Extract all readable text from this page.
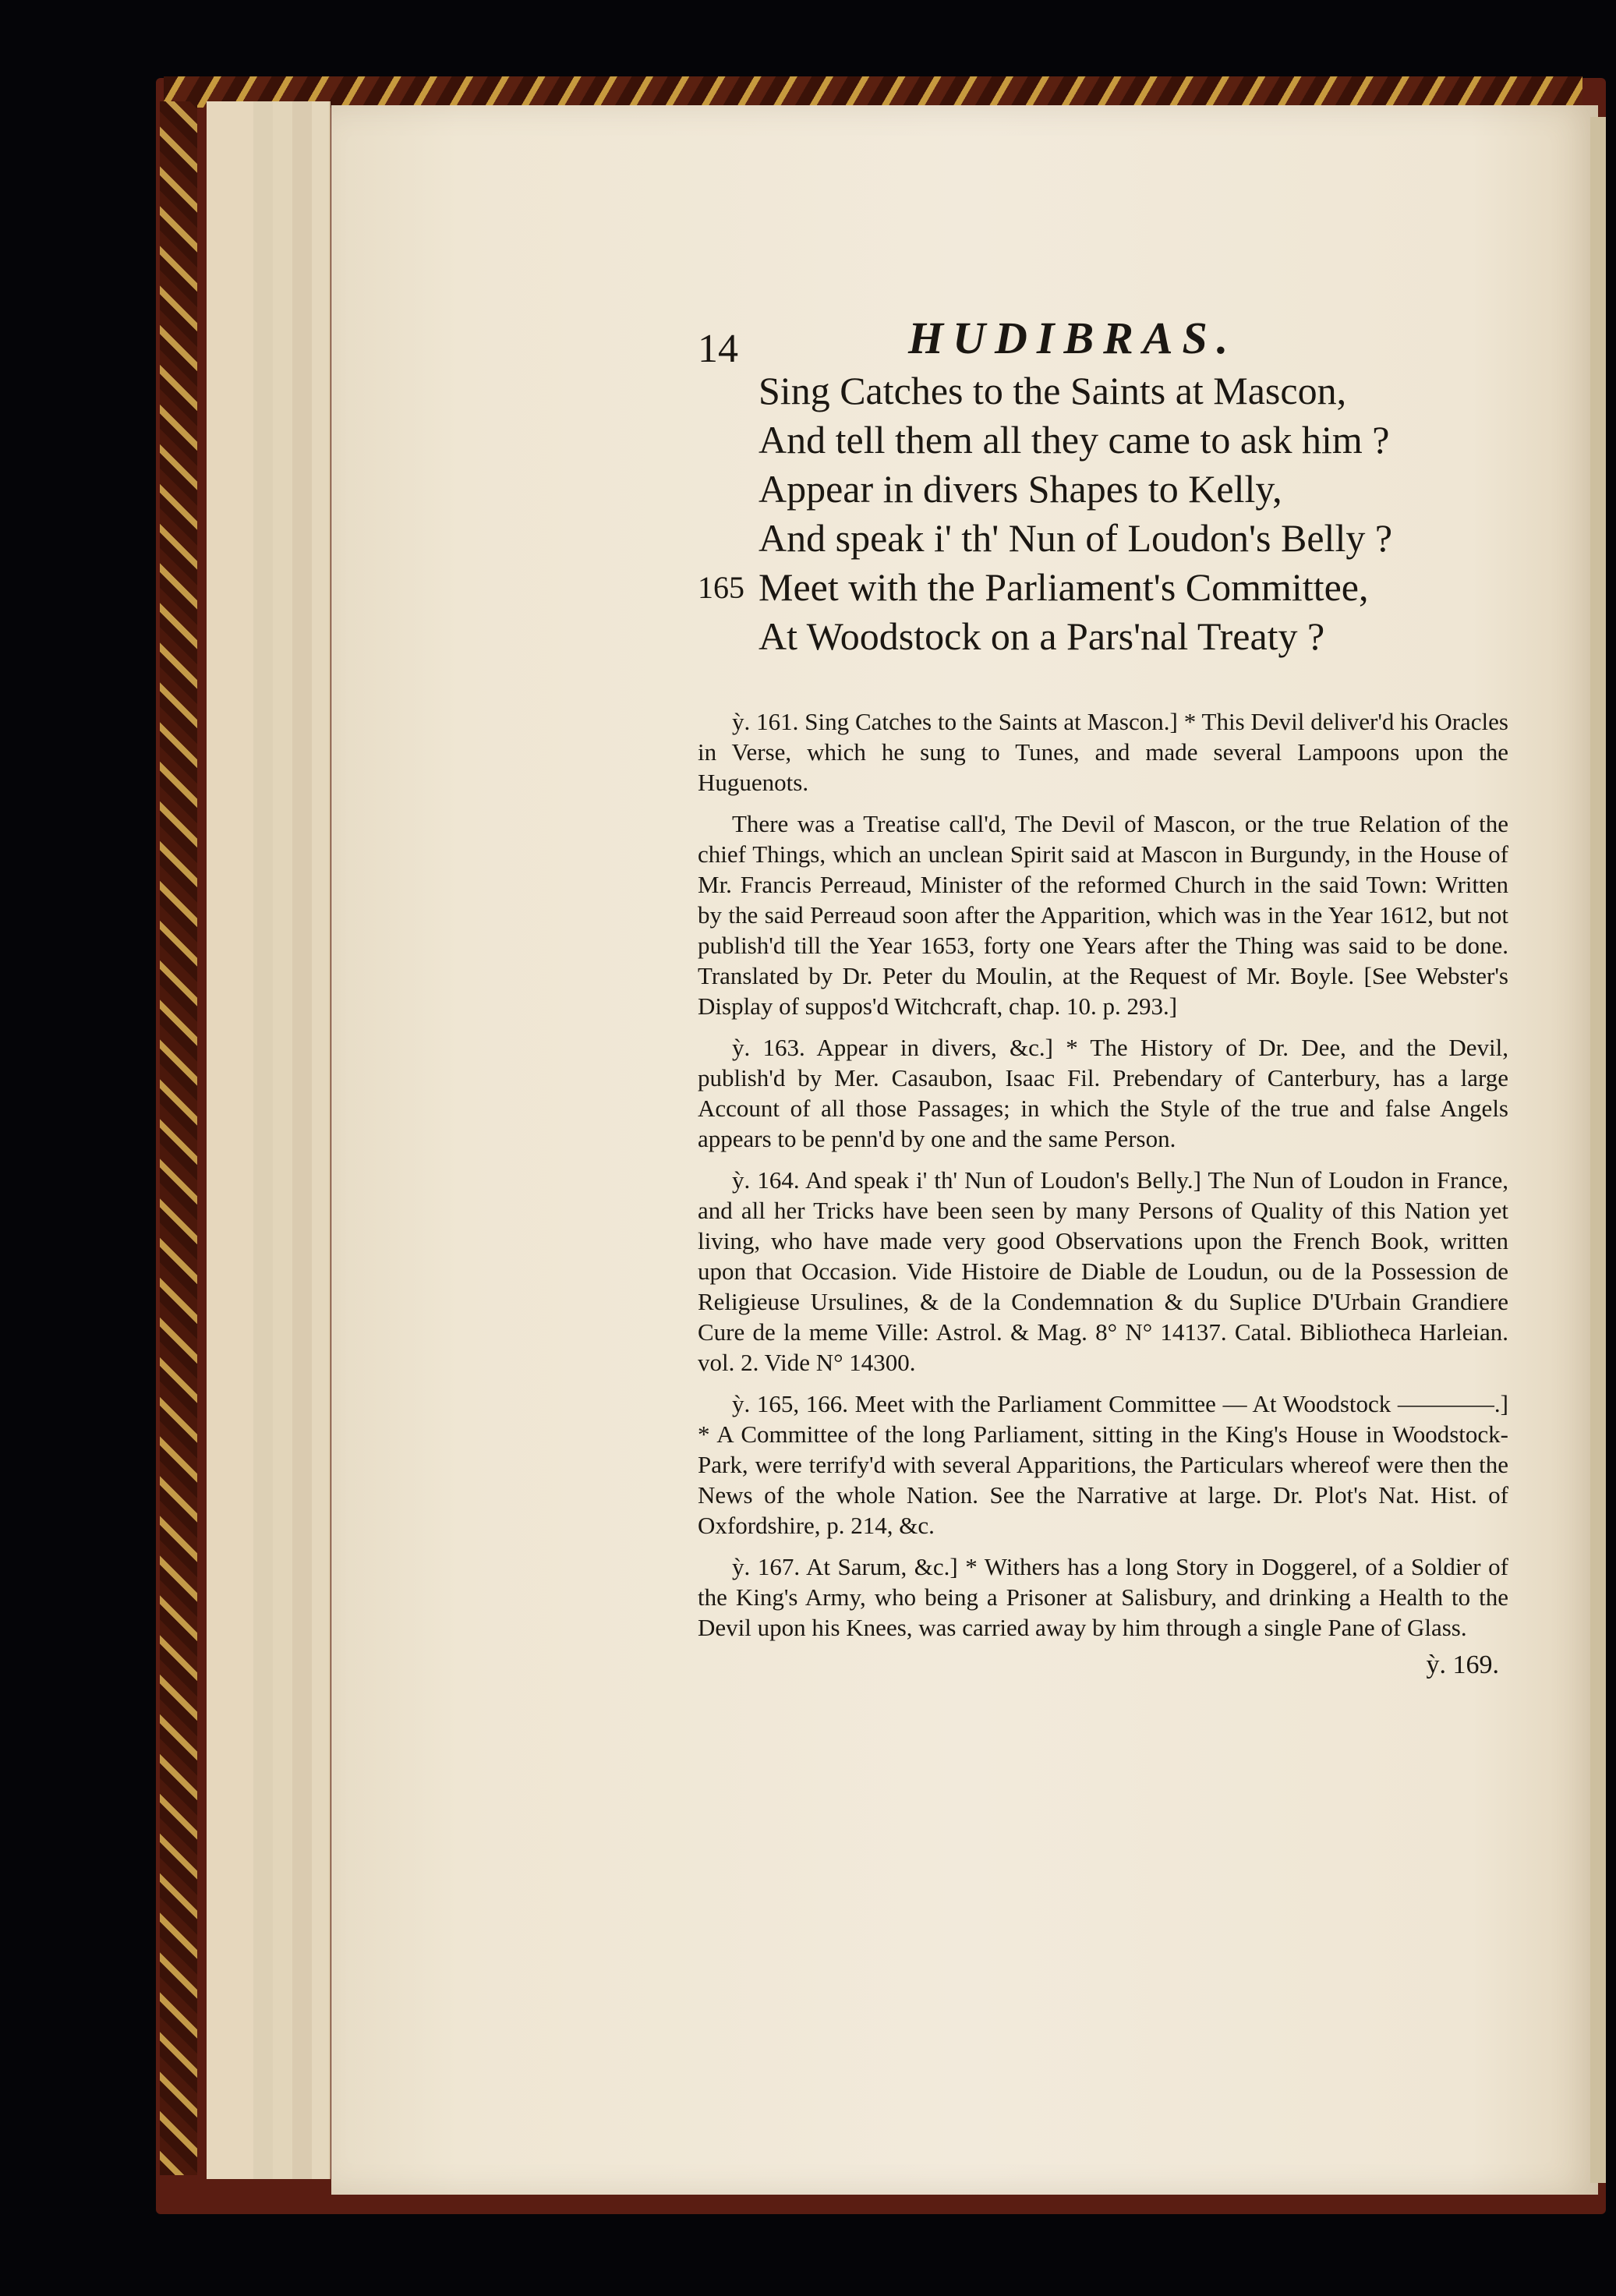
14	HUDIBRAS.
Sing Catches to the Saints at Mascon,
And tell them all they came to ask him ?
Appear in divers Shapes to Kelly,
And speak i' th' Nun of Loudon's Belly ?
165 Meet with the Parliament's Committee,
At Woodstock on a Pars'nal Treaty ?

ỳ. 161. Sing Catches to the Saints at Mascon.] * This Devil deliver'd his Oracles in Verse, which he sung to Tunes, and made several Lampoons upon the Huguenots.

There was a Treatise call'd, The Devil of Mascon, or the true Relation of the chief Things, which an unclean Spirit said at Mascon in Burgundy, in the House of Mr. Francis Perreaud, Minister of the reformed Church in the said Town: Written by the said Perreaud soon after the Apparition, which was in the Year 1612, but not publish'd till the Year 1653, forty one Years after the Thing was said to be done. Translated by Dr. Peter du Moulin, at the Request of Mr. Boyle. [See Webster's Display of suppos'd Witchcraft, chap. 10. p. 293.]

ỳ. 163. Appear in divers, &c.] * The History of Dr. Dee, and the Devil, publish'd by Mer. Casaubon, Isaac Fil. Prebendary of Canterbury, has a large Account of all those Passages; in which the Style of the true and false Angels appears to be penn'd by one and the same Person.

ỳ. 164. And speak i' th' Nun of Loudon's Belly.] The Nun of Loudon in France, and all her Tricks have been seen by many Persons of Quality of this Nation yet living, who have made very good Observations upon the French Book, written upon that Occasion. Vide Histoire de Diable de Loudun, ou de la Possession de Religieuse Ursulines, & de la Condemnation & du Suplice D'Urbain Grandiere Cure de la meme Ville: Astrol. & Mag. 8° N° 14137. Catal. Bibliotheca Harleian. vol. 2. Vide N° 14300.

ỳ. 165, 166. Meet with the Parliament Committee — At Woodstock ————.] * A Committee of the long Parliament, sitting in the King's House in Woodstock-Park, were terrify'd with several Apparitions, the Particulars whereof were then the News of the whole Nation. See the Narrative at large. Dr. Plot's Nat. Hist. of Oxfordshire, p. 214, &c.

ỳ. 167. At Sarum, &c.] * Withers has a long Story in Doggerel, of a Soldier of the King's Army, who being a Prisoner at Salisbury, and drinking a Health to the Devil upon his Knees, was carried away by him through a single Pane of Glass.

ỳ. 169.
